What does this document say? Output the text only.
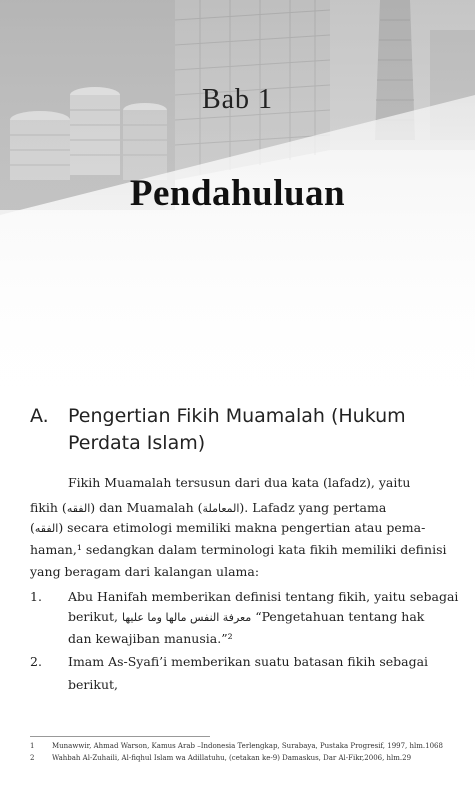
Bab 1
Pendahuluan
A. Pengertian Fikih Muamalah (Hukum
Perdata Islam)
Fikih Muamalah tersusun dari dua kata (lafadz), yaitu
fikih (الفقه) dan Muamalah (المعاملة). Lafadz yang pertama
(الفقه) secara etimologi memiliki makna pengertian atau pema-
haman,¹ sedangkan dalam terminologi kata fikih memiliki definisi
yang beragam dari kalangan ulama:
1. Abu Hanifah memberikan definisi tentang fikih, yaitu sebagai
berikut, معرفة النفس مالها وما عليها “Pengetahuan tentang hak
dan kewajiban manusia.”²
2. Imam As-Syafi’i memberikan suatu batasan fikih sebagai
berikut,
1	Munawwir, Ahmad Warson, Kamus Arab –Indonesia Terlengkap, Surabaya, Pustaka Progresif, 1997, hlm.1068
2	Wahbah Al-Zuhaili, Al-fiqhul Islam wa Adillatuhu, (cetakan ke-9) Damaskus, Dar Al-Fikr,2006, hlm.29
